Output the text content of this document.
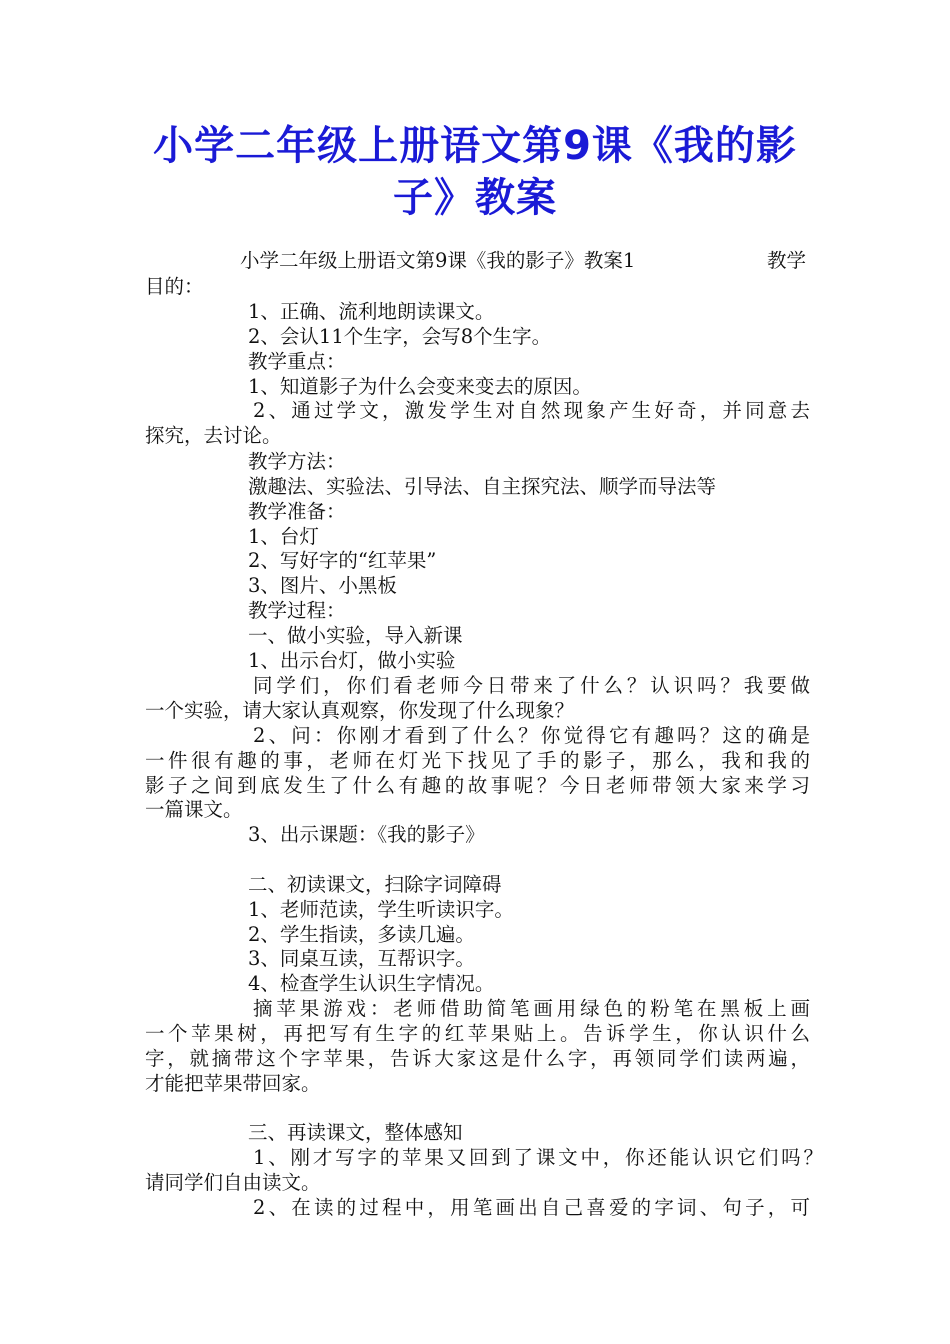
小学二年级上册语文第9课《我的影
子》教案
小学二年级上册语文第9课《我的影子》教案1	教学
目的：
1、正确、流利地朗读课文。
2、会认11个生字，会写8个生字。
教学重点：
1、知道影子为什么会变来变去的原因。
2、通过学文，激发学生对自然现象产生好奇，并同意去
探究，去讨论。
教学方法：
激趣法、实验法、引导法、自主探究法、顺学而导法等
教学准备：
1、台灯
2、写好字的“红苹果”
3、图片、小黑板
教学过程：
一、做小实验，导入新课
1、出示台灯，做小实验
同学们，你们看老师今日带来了什么？认识吗？我要做
一个实验，请大家认真观察，你发现了什么现象？
2、问：你刚才看到了什么？你觉得它有趣吗？这的确是
一件很有趣的事，老师在灯光下找见了手的影子，那么，我和我的
影子之间到底发生了什么有趣的故事呢？今日老师带领大家来学习
一篇课文。
3、出示课题：《我的影子》
二、初读课文，扫除字词障碍
1、老师范读，学生听读识字。
2、学生指读，多读几遍。
3、同桌互读，互帮识字。
4、检查学生认识生字情况。
摘苹果游戏：老师借助简笔画用绿色的粉笔在黑板上画
一个苹果树，再把写有生字的红苹果贴上。告诉学生，你认识什么
字，就摘带这个字苹果，告诉大家这是什么字，再领同学们读两遍，
才能把苹果带回家。
三、再读课文，整体感知
1、刚才写字的苹果又回到了课文中，你还能认识它们吗？
请同学们自由读文。
2、在读的过程中，用笔画出自己喜爱的字词、句子，可
